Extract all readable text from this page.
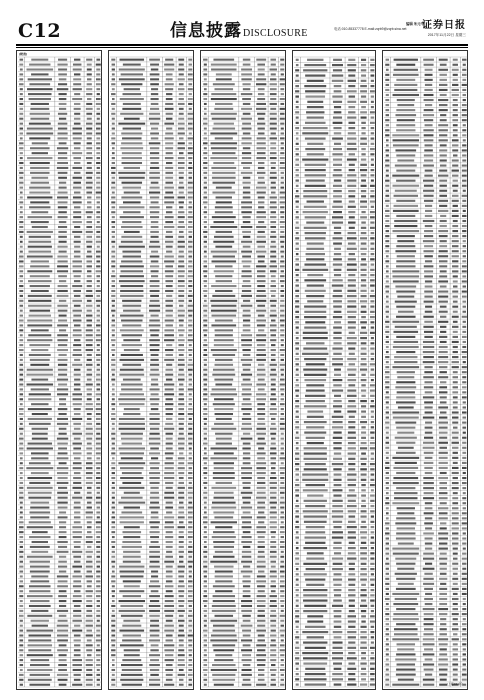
C12	信息披露DISCLOSURE
编辑 朱元甲
电话:010-85337778 E-mail:zqrb9@zqrb.sina.net	证券日报
2017年11月22日 星期三
(续表)
(上接C11版)
